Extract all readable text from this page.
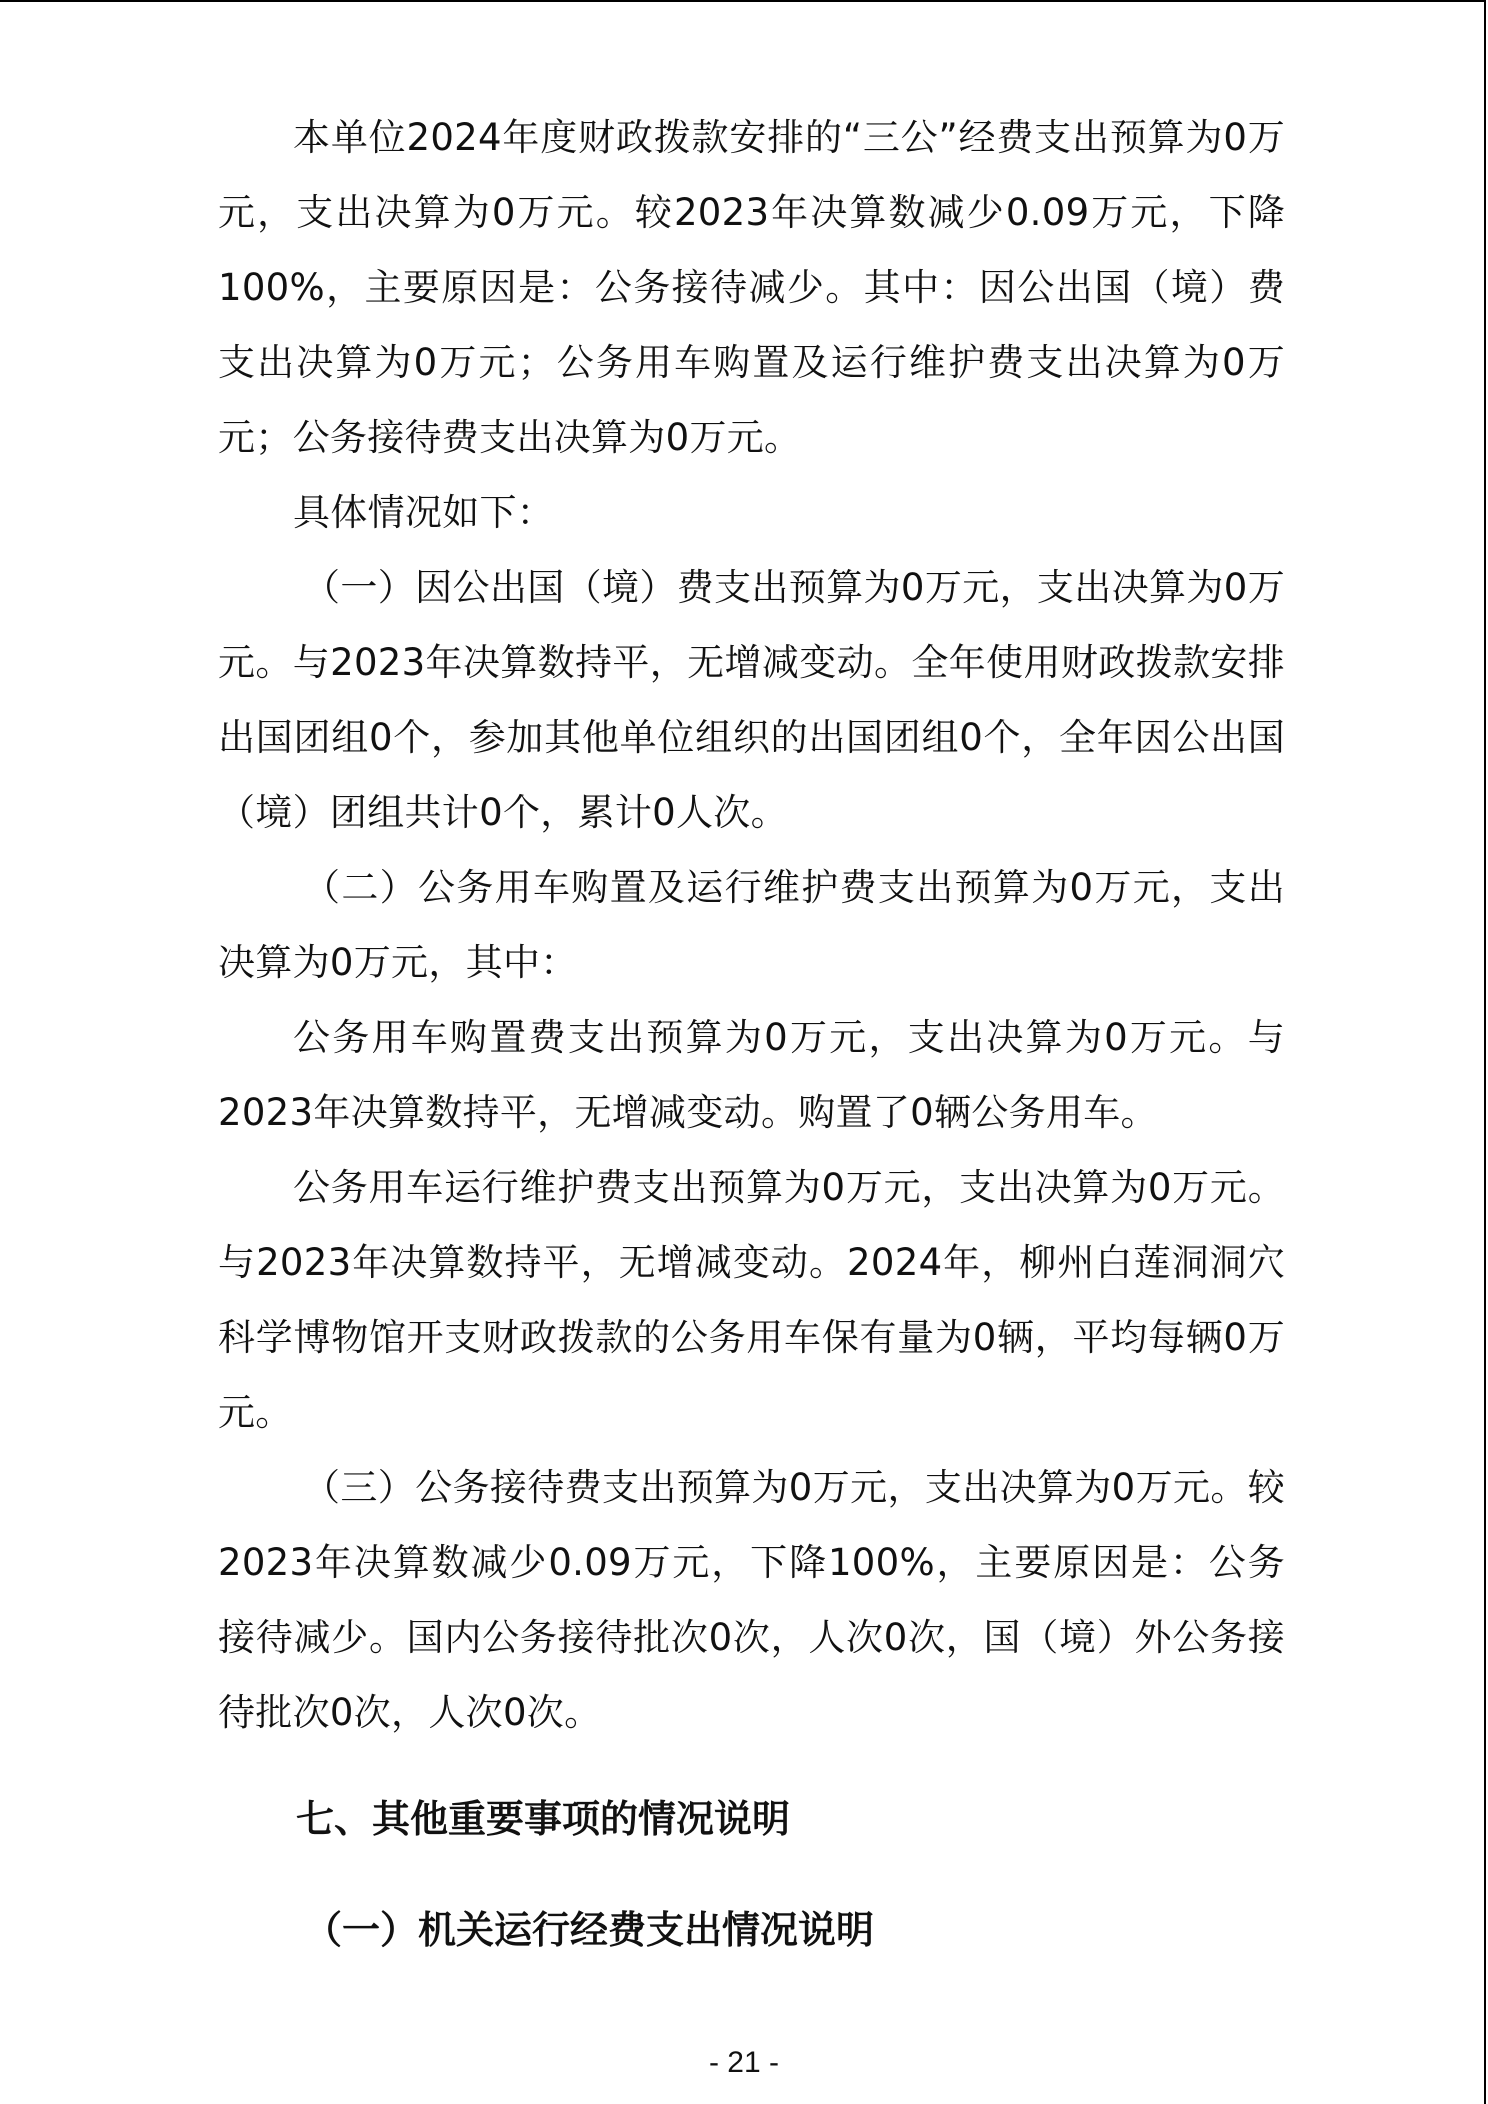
本单位2024年度财政拨款安排的“三公”经费支出预算为0万元，支出决算为0万元。较2023年决算数减少0.09万元，下降100%，主要原因是：公务接待减少。其中：因公出国（境）费支出决算为0万元；公务用车购置及运行维护费支出决算为0万元；公务接待费支出决算为0万元。

具体情况如下：

（一）因公出国（境）费支出预算为0万元，支出决算为0万元。与2023年决算数持平，无增减变动。全年使用财政拨款安排出国团组0个，参加其他单位组织的出国团组0个，全年因公出国（境）团组共计0个，累计0人次。

（二）公务用车购置及运行维护费支出预算为0万元，支出决算为0万元，其中：

公务用车购置费支出预算为0万元，支出决算为0万元。与2023年决算数持平，无增减变动。购置了0辆公务用车。

公务用车运行维护费支出预算为0万元，支出决算为0万元。与2023年决算数持平，无增减变动。2024年，柳州白莲洞洞穴科学博物馆开支财政拨款的公务用车保有量为0辆，平均每辆0万元。

（三）公务接待费支出预算为0万元，支出决算为0万元。较2023年决算数减少0.09万元，下降100%，主要原因是：公务接待减少。国内公务接待批次0次，人次0次，国（境）外公务接待批次0次，人次0次。

七、其他重要事项的情况说明
（一）机关运行经费支出情况说明
- 21 -
